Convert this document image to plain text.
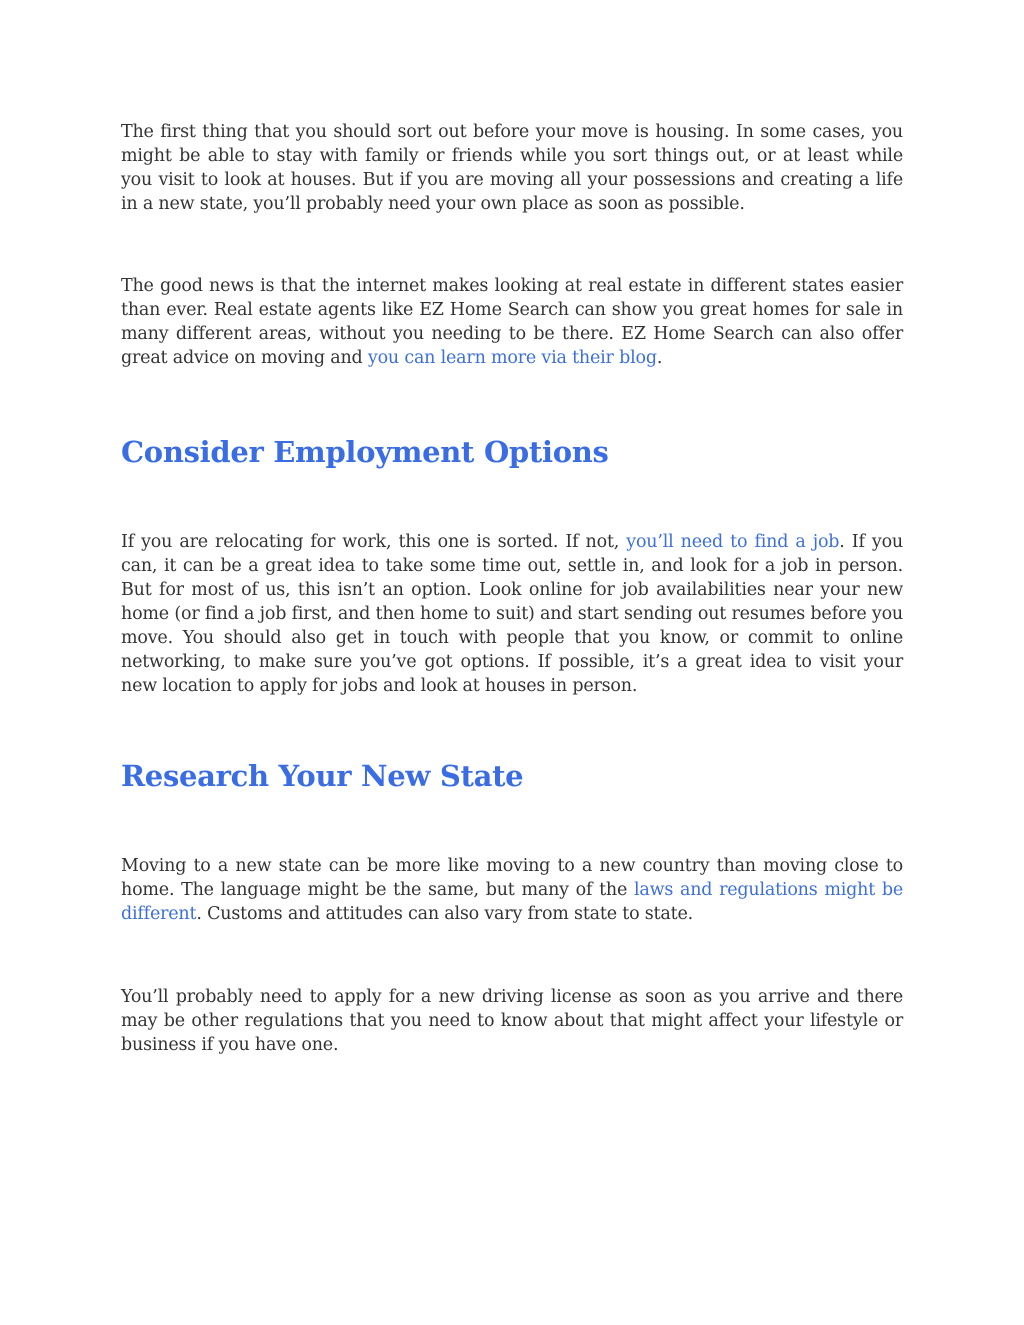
The first thing that you should sort out before your move is housing. In some cases, you might be able to stay with family or friends while you sort things out, or at least while you visit to look at houses. But if you are moving all your possessions and creating a life in a new state, you’ll probably need your own place as soon as possible.

The good news is that the internet makes looking at real estate in different states easier than ever. Real estate agents like EZ Home Search can show you great homes for sale in many different areas, without you needing to be there. EZ Home Search can also offer great advice on moving and you can learn more via their blog.

Consider Employment Options

If you are relocating for work, this one is sorted. If not, you’ll need to find a job. If you can, it can be a great idea to take some time out, settle in, and look for a job in person. But for most of us, this isn’t an option. Look online for job availabilities near your new home (or find a job first, and then home to suit) and start sending out resumes before you move. You should also get in touch with people that you know, or commit to online networking, to make sure you’ve got options. If possible, it’s a great idea to visit your new location to apply for jobs and look at houses in person.

Research Your New State

Moving to a new state can be more like moving to a new country than moving close to home. The language might be the same, but many of the laws and regulations might be different. Customs and attitudes can also vary from state to state.

You’ll probably need to apply for a new driving license as soon as you arrive and there may be other regulations that you need to know about that might affect your lifestyle or business if you have one.
